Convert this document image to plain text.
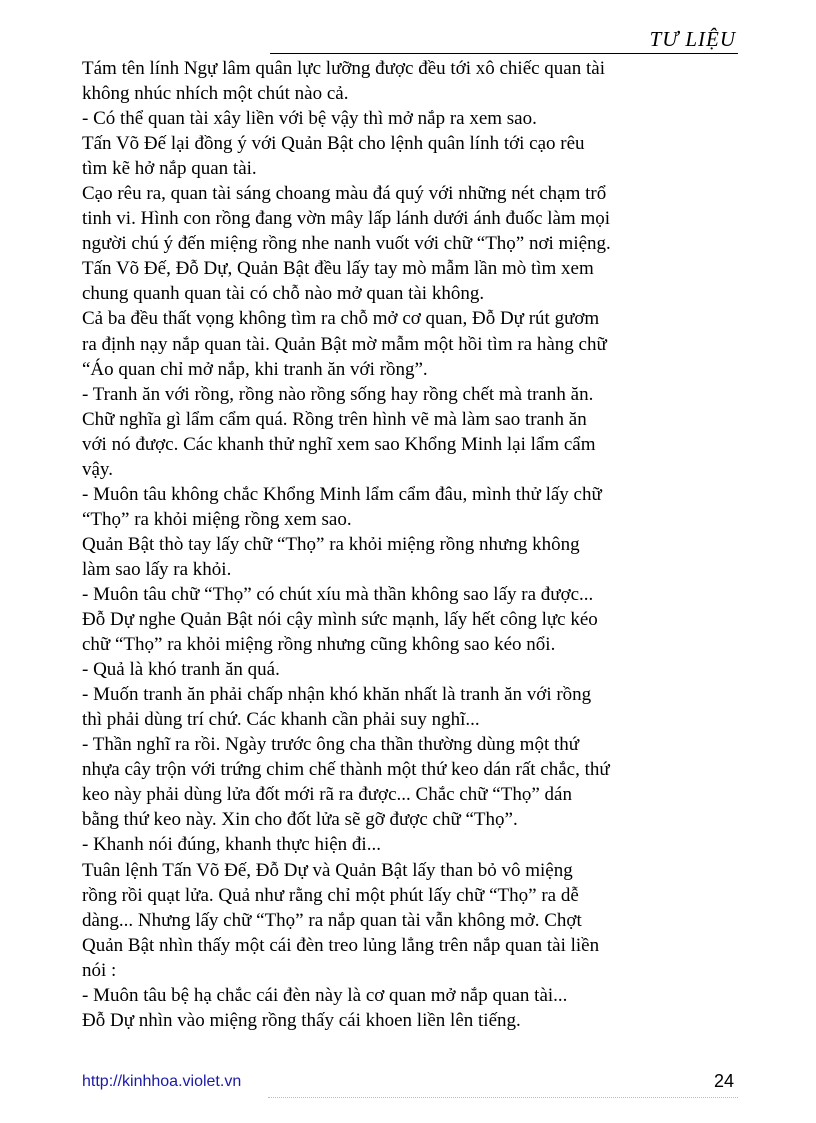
TƯ LIỆU
Tám tên lính Ngự lâm quân lực lưỡng được đều tới xô chiếc quan tài
không nhúc nhích một chút nào cả.
- Có thể quan tài xây liền với bệ vậy thì mở nắp ra xem sao.
Tấn Võ Đế lại đồng ý với Quản Bật cho lệnh quân lính tới cạo rêu
tìm kẽ hở nắp quan tài.
Cạo rêu ra, quan tài sáng choang màu đá quý với những nét chạm trổ
tinh vi. Hình con rồng đang vờn mây lấp lánh dưới ánh đuốc làm mọi
người chú ý đến miệng rồng nhe nanh vuốt với chữ “Thọ” nơi miệng.
Tấn Võ Đế, Đỗ Dự, Quản Bật đều lấy tay mò mẫm lần mò tìm xem
chung quanh quan tài có chỗ nào mở quan tài không.
Cả ba đều thất vọng không tìm ra chỗ mở cơ quan, Đỗ Dự rút gươm
ra định nạy nắp quan tài. Quản Bật mờ mẫm một hồi tìm ra hàng chữ
“Áo quan chỉ mở nắp, khi tranh ăn với rồng”.
- Tranh ăn với rồng, rồng nào rồng sống hay rồng chết mà tranh ăn.
Chữ nghĩa gì lẩm cẩm quá. Rồng trên hình vẽ mà làm sao tranh ăn
với nó được. Các khanh thử nghĩ xem sao Khổng Minh lại lẩm cẩm
vậy.
- Muôn tâu không chắc Khổng Minh lẩm cẩm đâu, mình thử lấy chữ
“Thọ” ra khỏi miệng rồng xem sao.
Quản Bật thò tay lấy chữ “Thọ” ra khỏi miệng rồng nhưng không
làm sao lấy ra khỏi.
- Muôn tâu chữ “Thọ” có chút xíu mà thần không sao lấy ra được...
Đỗ Dự nghe Quản Bật nói cậy mình sức mạnh, lấy hết công lực kéo
chữ “Thọ” ra khỏi miệng rồng nhưng cũng không sao kéo nổi.
- Quả là khó tranh ăn quá.
- Muốn tranh ăn phải chấp nhận khó khăn nhất là tranh ăn với rồng
thì phải dùng trí chứ. Các khanh cần phải suy nghĩ...
- Thần nghĩ ra rồi. Ngày trước ông cha thần thường dùng một thứ
nhựa cây trộn với trứng chim chế thành một thứ keo dán rất chắc, thứ
keo này phải dùng lửa đốt mới rã ra được... Chắc chữ “Thọ” dán
bằng thứ keo này. Xin cho đốt lửa sẽ gỡ được chữ “Thọ”.
- Khanh nói đúng, khanh thực hiện đi...
Tuân lệnh Tấn Võ Đế, Đỗ Dự và Quản Bật lấy than bỏ vô miệng
rồng rồi quạt lửa. Quả như rằng chỉ một phút lấy chữ “Thọ” ra dễ
dàng... Nhưng lấy chữ “Thọ” ra nắp quan tài vẫn không mở. Chợt
Quản Bật nhìn thấy một cái đèn treo lủng lẳng trên nắp quan tài liền
nói :
- Muôn tâu bệ hạ chắc cái đèn này là cơ quan mở nắp quan tài...
Đỗ Dự nhìn vào miệng rồng thấy cái khoen liền lên tiếng.
http://kinhhoa.violet.vn	24
